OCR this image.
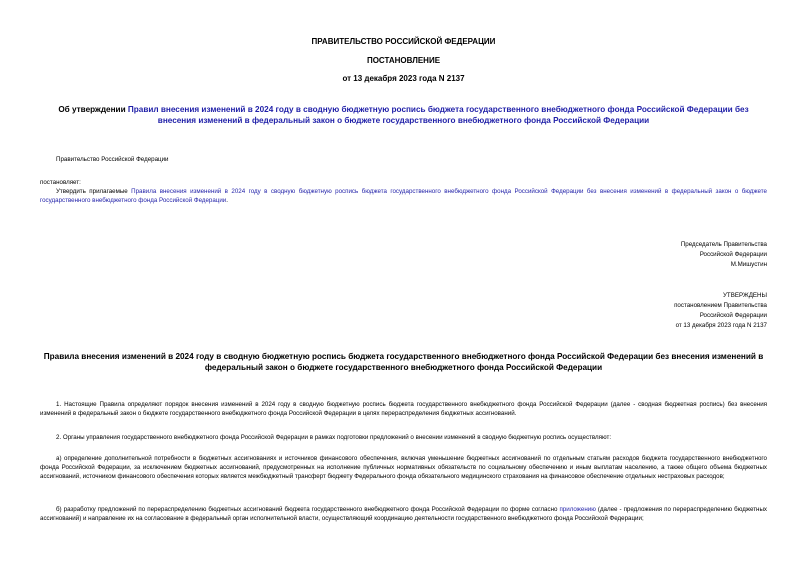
ПРАВИТЕЛЬСТВО РОССИЙСКОЙ ФЕДЕРАЦИИ
ПОСТАНОВЛЕНИЕ
от 13 декабря 2023 года N 2137
Об утверждении Правил внесения изменений в 2024 году в сводную бюджетную роспись бюджета государственного внебюджетного фонда Российской Федерации без внесения изменений в федеральный закон о бюджете государственного внебюджетного фонда Российской Федерации
Правительство Российской Федерации
постановляет:
Утвердить прилагаемые Правила внесения изменений в 2024 году в сводную бюджетную роспись бюджета государственного внебюджетного фонда Российской Федерации без внесения изменений в федеральный закон о бюджете государственного внебюджетного фонда Российской Федерации.
Председатель Правительства
Российской Федерации
М.Мишустин
УТВЕРЖДЕНЫ
постановлением Правительства
Российской Федерации
от 13 декабря 2023 года N 2137
Правила внесения изменений в 2024 году в сводную бюджетную роспись бюджета государственного внебюджетного фонда Российской Федерации без внесения изменений в федеральный закон о бюджете государственного внебюджетного фонда Российской Федерации
1. Настоящие Правила определяют порядок внесения изменений в 2024 году в сводную бюджетную роспись бюджета государственного внебюджетного фонда Российской Федерации (далее - сводная бюджетная роспись) без внесения изменений в федеральный закон о бюджете государственного внебюджетного фонда Российской Федерации в целях перераспределения бюджетных ассигнований.
2. Органы управления государственного внебюджетного фонда Российской Федерации в рамках подготовки предложений о внесении изменений в сводную бюджетную роспись осуществляют:
а) определение дополнительной потребности в бюджетных ассигнованиях и источников финансового обеспечения, включая уменьшение бюджетных ассигнований по отдельным статьям расходов бюджета государственного внебюджетного фонда Российской Федерации, за исключением бюджетных ассигнований, предусмотренных на исполнение публичных нормативных обязательств по социальному обеспечению и иным выплатам населению, а также общего объема бюджетных ассигнований, источником финансового обеспечения которых является межбюджетный трансферт бюджету Федерального фонда обязательного медицинского страхования на финансовое обеспечение отдельных нестраховых расходов;
б) разработку предложений по перераспределению бюджетных ассигнований бюджета государственного внебюджетного фонда Российской Федерации по форме согласно приложению (далее - предложения по перераспределению бюджетных ассигнований) и направление их на согласование в федеральный орган исполнительной власти, осуществляющий координацию деятельности государственного внебюджетного фонда Российской Федерации;
